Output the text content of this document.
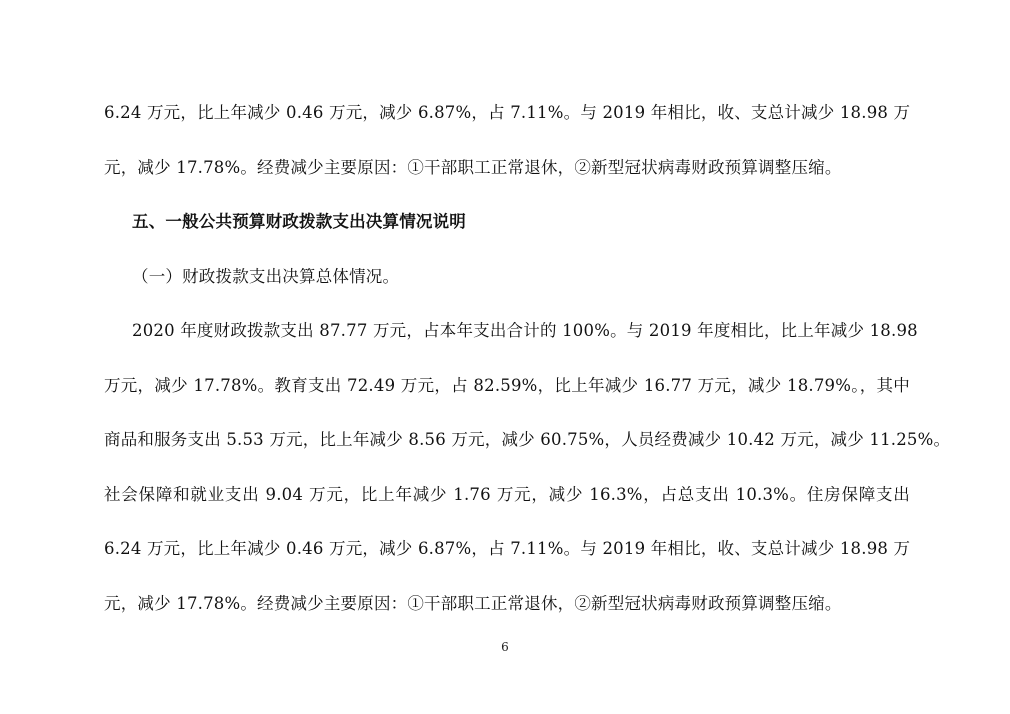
6.24 万元，比上年减少 0.46 万元，减少 6.87%，占 7.11%。与 2019 年相比，收、支总计减少 18.98 万
元，减少 17.78%。经费减少主要原因：①干部职工正常退休，②新型冠状病毒财政预算调整压缩。
五、一般公共预算财政拨款支出决算情况说明
（一）财政拨款支出决算总体情况。
2020 年度财政拨款支出 87.77 万元，占本年支出合计的 100%。与 2019 年度相比，比上年减少 18.98
万元，减少 17.78%。教育支出 72.49 万元，占 82.59%，比上年减少 16.77 万元，减少 18.79%。，其中
商品和服务支出 5.53 万元，比上年减少 8.56 万元，减少 60.75%，人员经费减少 10.42 万元，减少 11.25%。
社会保障和就业支出 9.04 万元，比上年减少 1.76 万元，减少 16.3%，占总支出 10.3%。住房保障支出
6.24 万元，比上年减少 0.46 万元，减少 6.87%，占 7.11%。与 2019 年相比，收、支总计减少 18.98 万
元，减少 17.78%。经费减少主要原因：①干部职工正常退休，②新型冠状病毒财政预算调整压缩。
6
